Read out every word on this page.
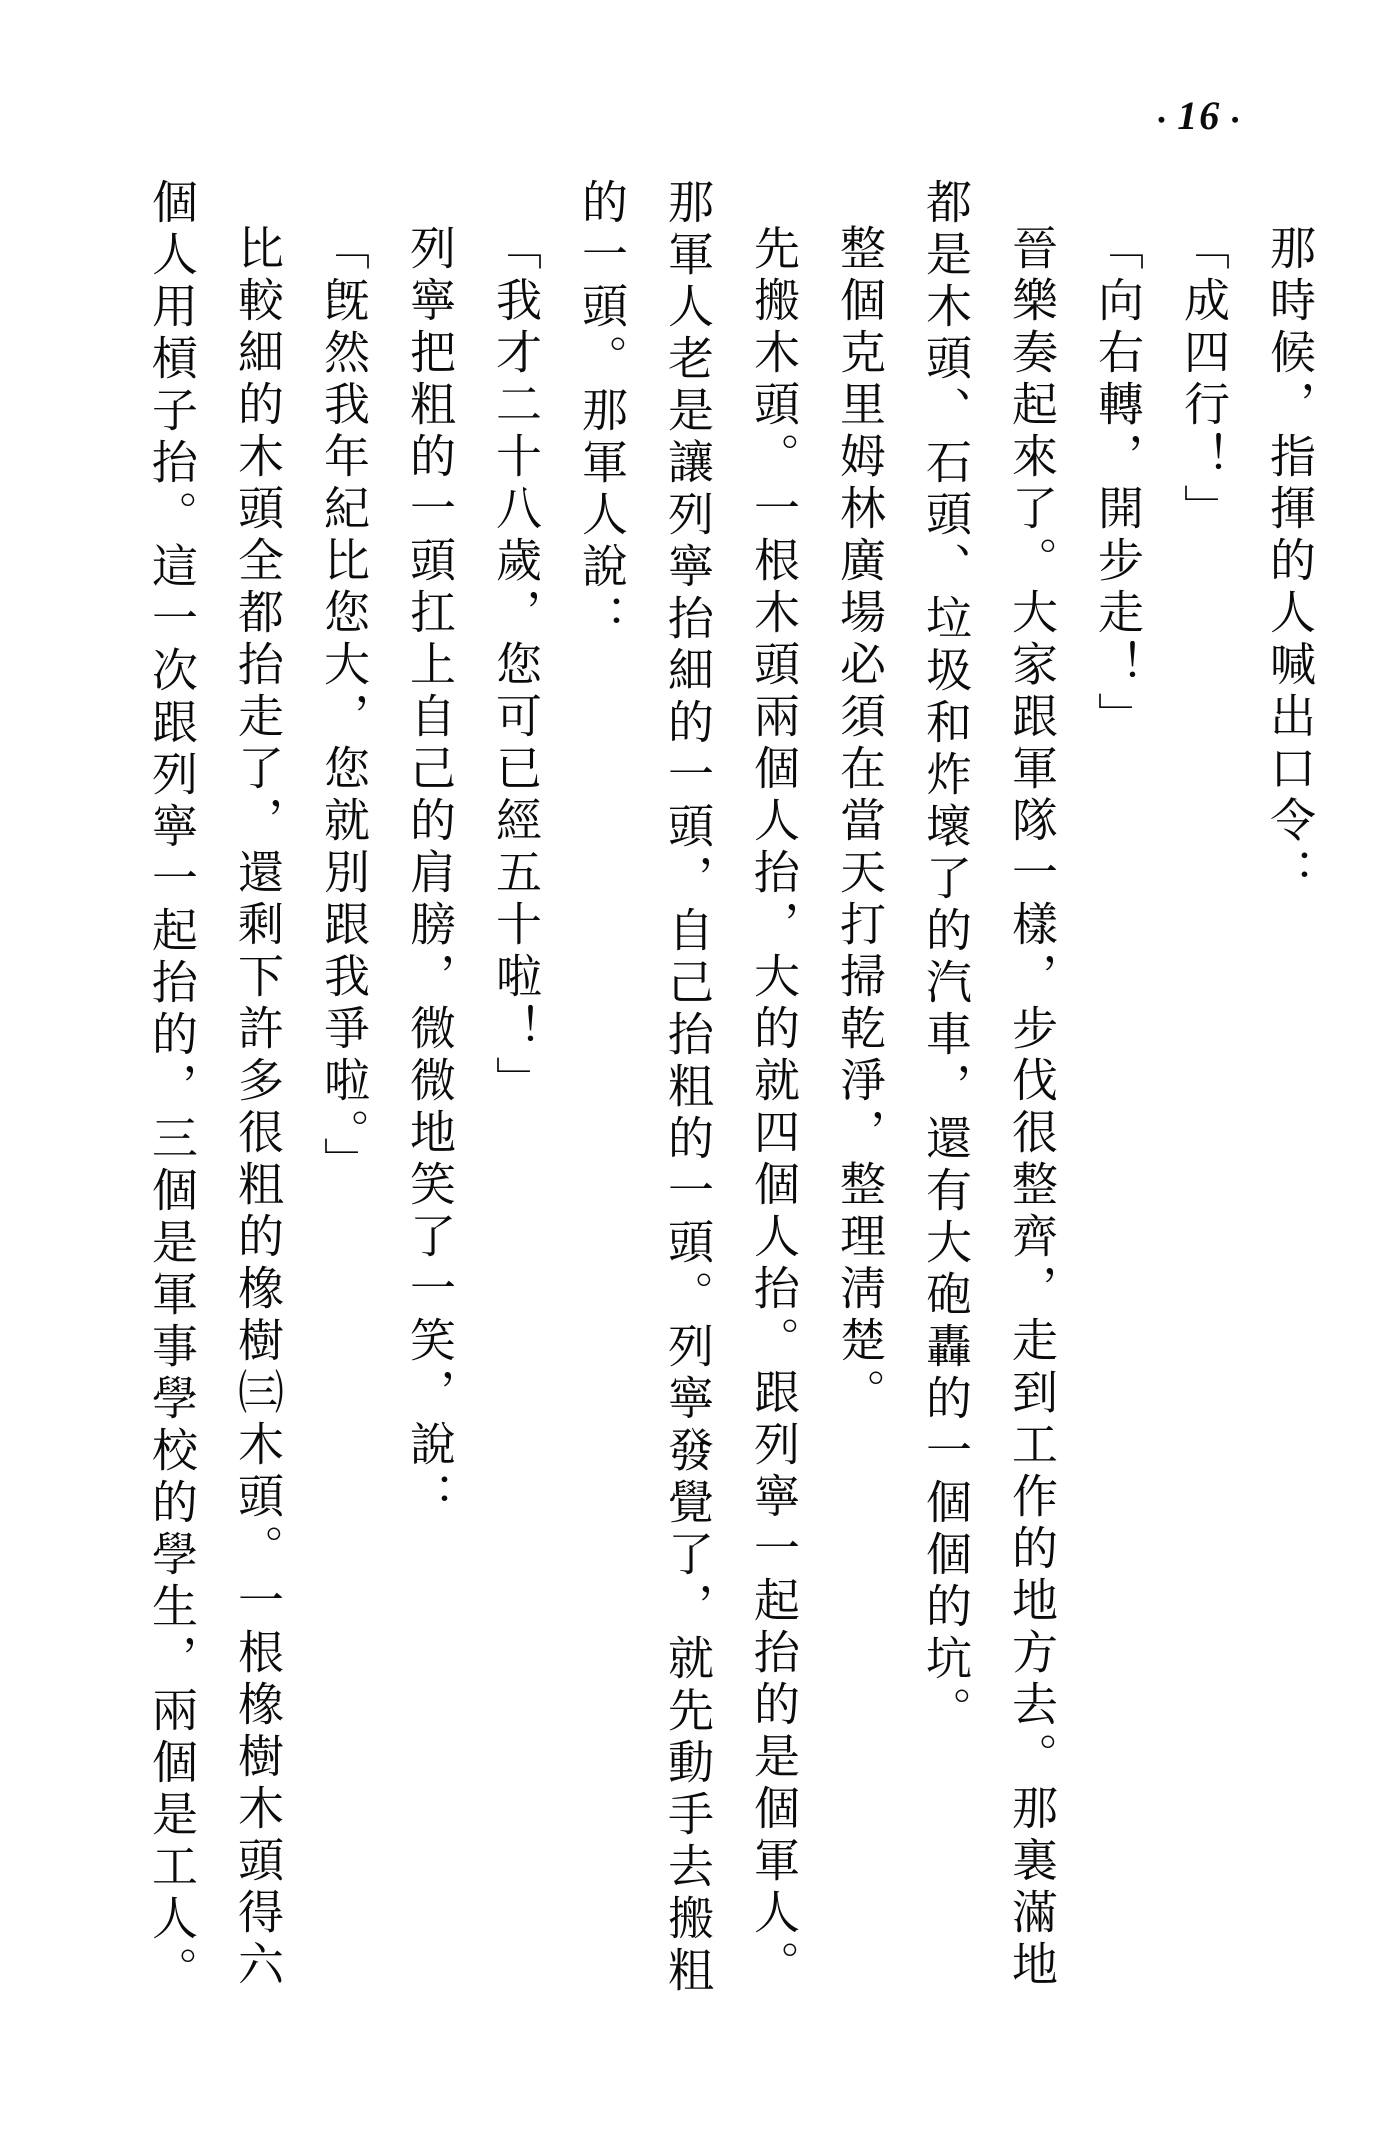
• 16 •

那時候，指揮的人喊出口令：

「成四行！」

「向右轉，開步走！」

晉樂奏起來了。大家跟軍隊一樣，步伐很整齊，走到工作的地方去。那裏滿地都是木頭、石頭、垃圾和炸壞了的汽車，還有大砲轟的一個個的坑。

整個克里姆林廣場必須在當天打掃乾淨，整理淸楚。

先搬木頭。一根木頭兩個人抬，大的就四個人抬。跟列寧一起抬的是個軍人。那軍人老是讓列寧抬細的一頭，自己抬粗的一頭。列寧發覺了，就先動手去搬粗的一頭。那軍人說：

「我才二十八歲，您可已經五十啦！」

列寧把粗的一頭扛上自己的肩膀，微微地笑了一笑，說：

「旣然我年紀比您大，您就別跟我爭啦。」

比較細的木頭全都抬走了，還剩下許多很粗的橡樹㈢木頭。一根橡樹木頭得六個人用槓子抬。這一次跟列寧一起抬的，三個是軍事學校的學生，兩個是工人。
